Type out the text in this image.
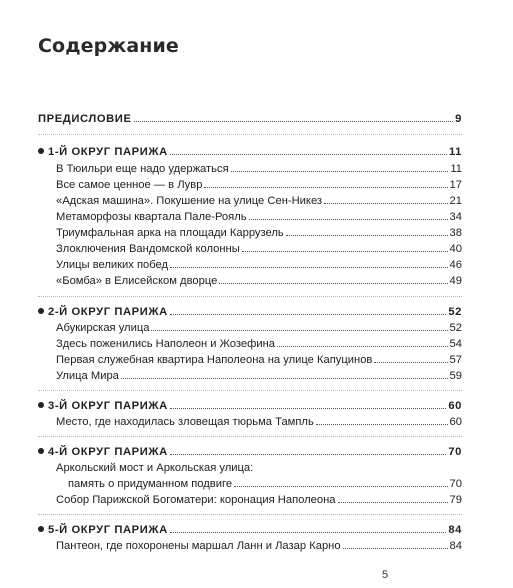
Содержание
ПРЕДИСЛОВИЕ	9
1-Й ОКРУГ ПАРИЖА	11
В Тюильри еще надо удержаться	11
Все самое ценное — в Лувр	17
«Адская машина». Покушение на улице Сен-Никез	21
Метаморфозы квартала Пале-Рояль	34
Триумфальная арка на площади Каррузель	38
Злоключения Вандомской колонны	40
Улицы великих побед	46
«Бомба» в Елисейском дворце	49
2-Й ОКРУГ ПАРИЖА	52
Абукирская улица	52
Здесь поженились Наполеон и Жозефина	54
Первая служебная квартира Наполеона на улице Капуцинов	57
Улица Мира	59
3-Й ОКРУГ ПАРИЖА	60
Место, где находилась зловещая тюрьма Тампль	60
4-Й ОКРУГ ПАРИЖА	70
Аркольский мост и Аркольская улица:
память о придуманном подвиге	70
Собор Парижской Богоматери: коронация Наполеона	79
5-Й ОКРУГ ПАРИЖА	84
Пантеон, где похоронены маршал Ланн и Лазар Карно	84
5
